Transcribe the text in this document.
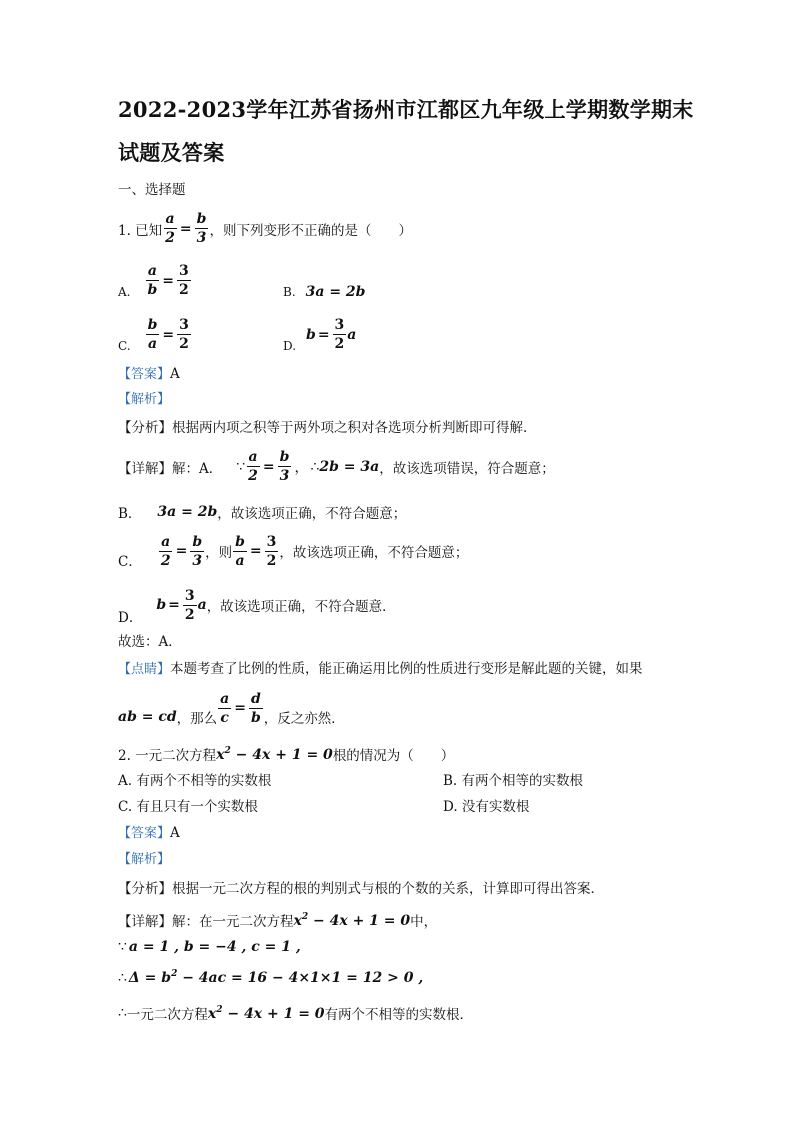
2022-2023学年江苏省扬州市江都区九年级上学期数学期末
试题及答案
一、选择题
1. 已知 $\frac{a}{2} = \frac{b}{3}$ ，则下列变形不正确的是（　　）
A. $\frac{a}{b} = \frac{3}{2}$	B. 3a = 2b
C. $\frac{b}{a} = \frac{3}{2}$	D.
$b = \frac{3}{2}$ a
【答案】A
【解析】
【分析】根据两内项之积等于两外项之积对各选项分析判断即可得解．
【详解】 解：A． ∵ $\frac{a}{2} = \frac{b}{3}$ ， ∴ 2b = 3a ，故该选项错误，符合题意；
B． 3a = 2b ，故该选项正确，不符合题意；
C． $\frac{a}{2} = \frac{b}{3}$ ，则 $\frac{b}{a} = \frac{3}{2}$ ，故该选项正确，不符合题意；
D．
$b = \frac{3}{2}$ a ，故该选项正确，不符合题意．
故选：A．
【点睛】本题考查了比例的性质，能正确运用比例的性质进行变形是解此题的关键，如果
ab = cd ，那么 $\frac{a}{c} = \frac{d}{b}$ ，反之亦然．
2. 一元二次方程 $x^2 - 4x + 1 = 0$ 根的情况为（　　）
A. 有两个不相等的实数根	B. 有两个相等的实数根
C. 有且只有一个实数根	D. 没有实数根
【答案】A
【解析】
【分析】根据一元二次方程的根的判别式与根的个数的关系，计算即可得出答案．
【详解】 解：在一元二次方程 $x^2 - 4x + 1 = 0$ 中，
∵ a = 1 , b = −4 , c = 1 ,
∴ $\Delta = b^2 - 4ac = 16 - 4\times 1\times 1 = 12 > 0$ ,
∴ 一元二次方程 $x^2 - 4x + 1 = 0$ 有两个不相等的实数根．
